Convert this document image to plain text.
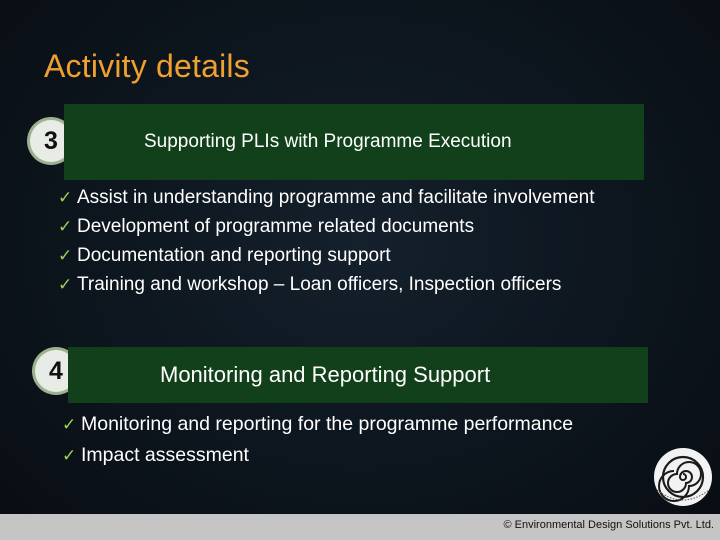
Activity details
3	Supporting PLIs with Programme Execution
✓ Assist in understanding programme and facilitate involvement
✓ Development of programme related documents
✓ Documentation and reporting support
✓ Training and workshop – Loan officers, Inspection officers
4	Monitoring and Reporting Support
✓ Monitoring and reporting for the programme performance
✓ Impact assessment
© Environmental Design Solutions Pvt. Ltd.
